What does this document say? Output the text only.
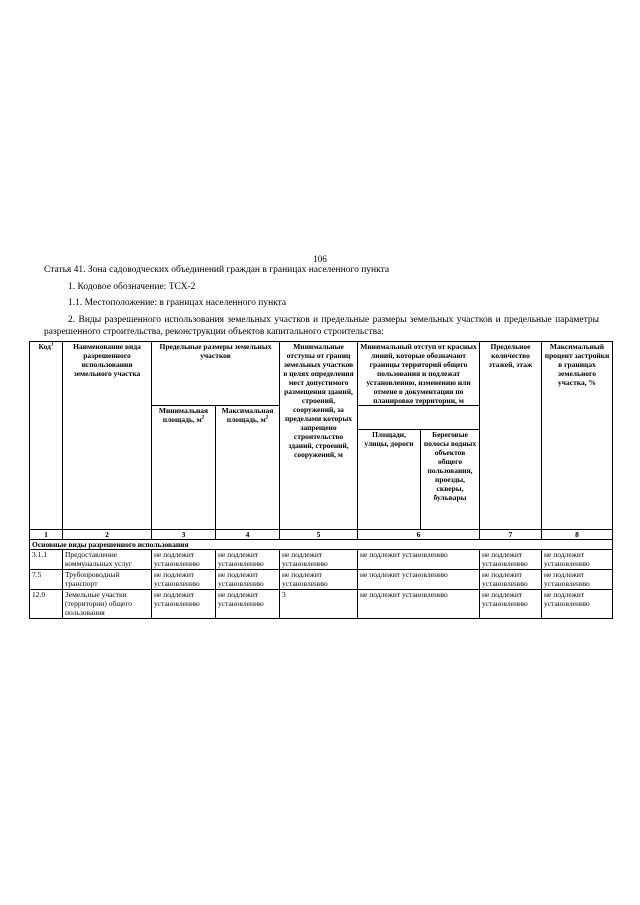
106
Статья 41. Зона садоводческих объединений граждан в границах населенного пункта
1. Кодовое обозначение: ТСХ-2
1.1. Местоположение: в границах населенного пункта
2. Виды разрешенного использования земельных участков и предельные размеры земельных участков и предельные параметры разрешенного строительства, реконструкции объектов капитального строительства:
Код$^1$	Наименование вида разрешенного использования земельного участка	Предельные размеры земельных участков		Минимальные отступы от границ земельных участков в целях определения мест допустимого размещения зданий, строений, сооружений, за пределами которых запрещено строительство зданий, строений, сооружений, м	Минимальный отступ от красных линий, которые обозначают границы территорий общего пользования и подлежат установлению, изменению или отмене в документации по планировке территории, м		Предельное количество этажей, этаж	Максимальный процент застройки в границах земельного участка, %
		Минимальная площадь, $м^2$	Максимальная площадь, $м^2$
					Площади, улицы, дороги	Береговые полосы водных объектов общего пользования, проезды, скверы, бульвары		
1	2	3	4	5	6		7	8
Основные виды разрешенного использования								
3.1.1	Предоставление коммунальных услуг	не подлежит установлению	не подлежит установлению	не подлежит установлению	не подлежит установлению		не подлежит установлению	не подлежит установлению
7.5	Трубопроводный транспорт	не подлежит установлению	не подлежит установлению	не подлежит установлению	не подлежит установлению		не подлежит установлению	не подлежит установлению
12.0	Земельные участки (территории) общего пользования	не подлежит установлению	не подлежит установлению	3	не подлежит установлению		не подлежит установлению	не подлежит установлению
